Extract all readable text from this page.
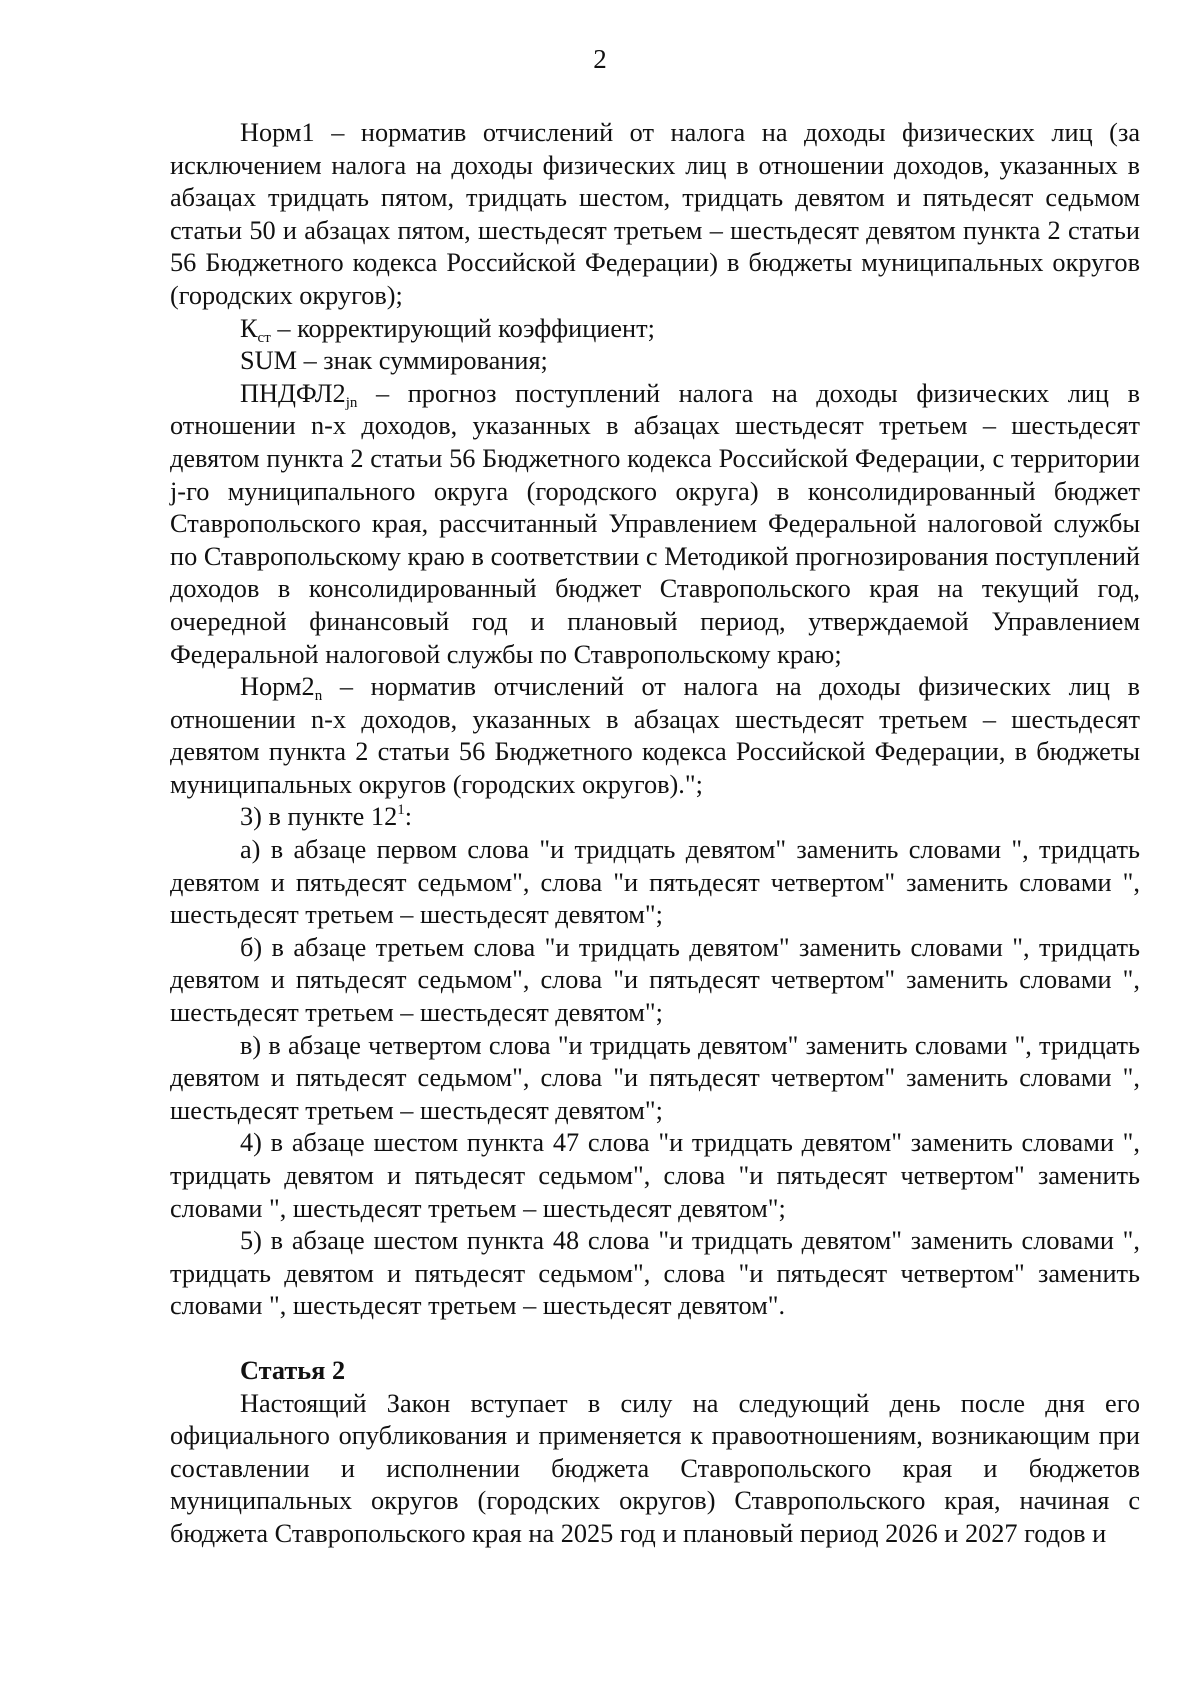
2

Норм1 – норматив отчислений от налога на доходы физических лиц (за исключением налога на доходы физических лиц в отношении доходов, указанных в абзацах тридцать пятом, тридцать шестом, тридцать девятом и пятьдесят седьмом статьи 50 и абзацах пятом, шестьдесят третьем – шестьдесят девятом пункта 2 статьи 56 Бюджетного кодекса Российской Федерации) в бюджеты муниципальных округов (городских округов);

$К_{ст}$ – корректирующий коэффициент;

SUM – знак суммирования;

$ПНДФЛ2_{jn}$ – прогноз поступлений налога на доходы физических лиц в отношении n-х доходов, указанных в абзацах шестьдесят третьем – шестьдесят девятом пункта 2 статьи 56 Бюджетного кодекса Российской Федерации, с территории j-го муниципального округа (городского округа) в консолидированный бюджет Ставропольского края, рассчитанный Управлением Федеральной налоговой службы по Ставропольскому краю в соответствии с Методикой прогнозирования поступлений доходов в консолидированный бюджет Ставропольского края на текущий год, очередной финансовый год и плановый период, утверждаемой Управлением Федеральной налоговой службы по Ставропольскому краю;

$Норм2_n$ – норматив отчислений от налога на доходы физических лиц в отношении n-х доходов, указанных в абзацах шестьдесят третьем – шестьдесят девятом пункта 2 статьи 56 Бюджетного кодекса Российской Федерации, в бюджеты муниципальных округов (городских округов).";

3) в пункте $12^1$:

а) в абзаце первом слова "и тридцать девятом" заменить словами ", тридцать девятом и пятьдесят седьмом", слова "и пятьдесят четвертом" заменить словами ", шестьдесят третьем – шестьдесят девятом";

б) в абзаце третьем слова "и тридцать девятом" заменить словами ", тридцать девятом и пятьдесят седьмом", слова "и пятьдесят четвертом" заменить словами ", шестьдесят третьем – шестьдесят девятом";

в) в абзаце четвертом слова "и тридцать девятом" заменить словами ", тридцать девятом и пятьдесят седьмом", слова "и пятьдесят четвертом" заменить словами ", шестьдесят третьем – шестьдесят девятом";

4) в абзаце шестом пункта 47 слова "и тридцать девятом" заменить словами ", тридцать девятом и пятьдесят седьмом", слова "и пятьдесят четвертом" заменить словами ", шестьдесят третьем – шестьдесят девятом";

5) в абзаце шестом пункта 48 слова "и тридцать девятом" заменить словами ", тридцать девятом и пятьдесят седьмом", слова "и пятьдесят четвертом" заменить словами ", шестьдесят третьем – шестьдесят девятом".

Статья 2

Настоящий Закон вступает в силу на следующий день после дня его официального опубликования и применяется к правоотношениям, возникающим при составлении и исполнении бюджета Ставропольского края и бюджетов муниципальных округов (городских округов) Ставропольского края, начиная с бюджета Ставропольского края на 2025 год и плановый период 2026 и 2027 годов и
